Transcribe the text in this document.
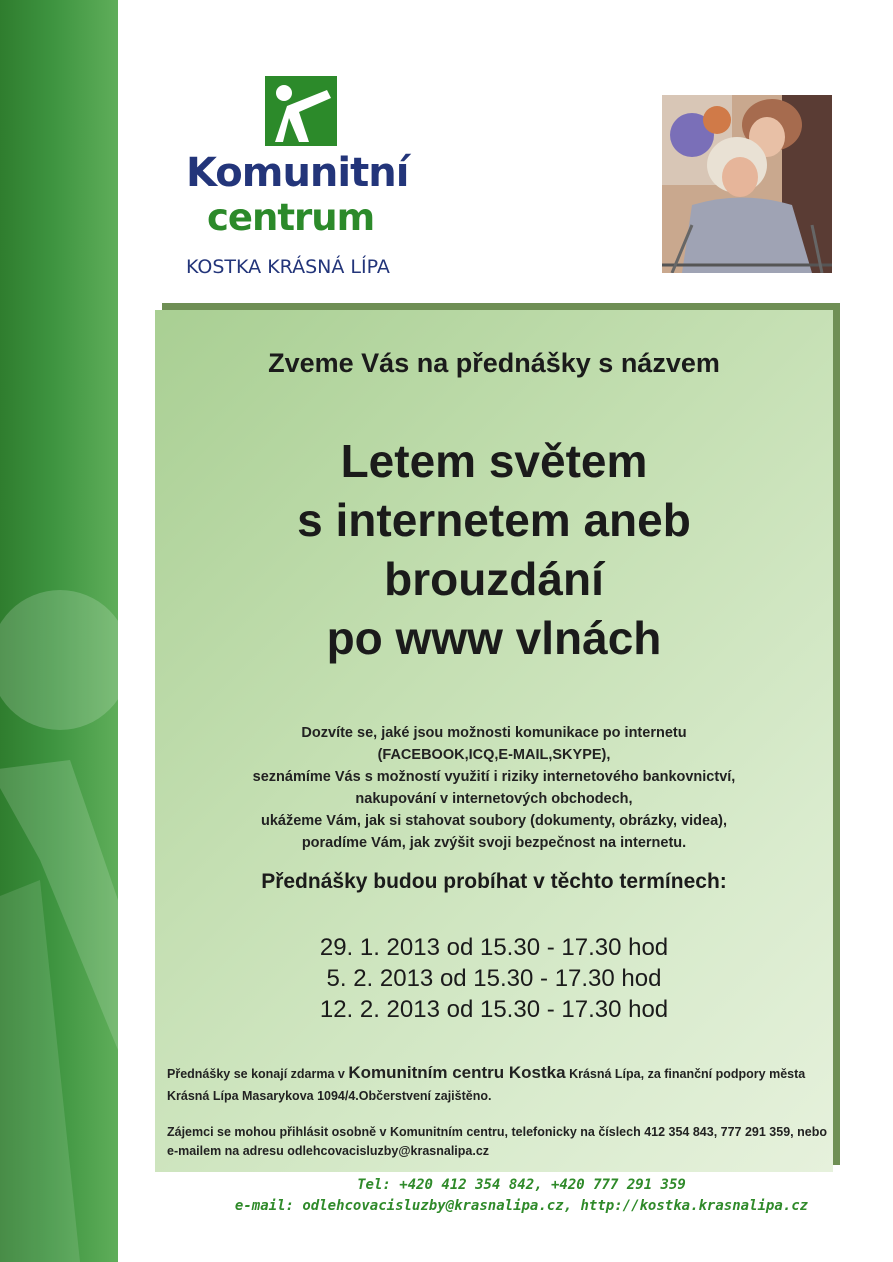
Komunitní
centrum
KOSTKA KRÁSNÁ LÍPA
Zveme Vás na přednášky s názvem
Letem světem
s internetem aneb
brouzdání
po www vlnách
Dozvíte se, jaké jsou možnosti komunikace po internetu
(FACEBOOK,ICQ,E-MAIL,SKYPE),
seznámíme Vás s možností využití i riziky internetového bankovnictví,
nakupování v internetových obchodech,
ukážeme Vám, jak si stahovat soubory (dokumenty, obrázky, videa),
poradíme Vám, jak zvýšit svoji bezpečnost na internetu.
Přednášky budou probíhat v těchto termínech:
29. 1. 2013 od 15.30 - 17.30 hod
5. 2. 2013 od 15.30 - 17.30 hod
12. 2. 2013 od 15.30 - 17.30 hod
Přednášky se konají zdarma v Komunitním centru Kostka Krásná Lípa, za finanční podpory města Krásná Lípa Masarykova 1094/4.Občerstvení zajištěno.
Zájemci se mohou přihlásit osobně v Komunitním centru, telefonicky na číslech 412 354 843, 777 291 359, nebo e-mailem na adresu odlehcovacisluzby@krasnalipa.cz
Tel: +420 412 354 842, +420 777 291 359
e-mail: odlehcovacisluzby@krasnalipa.cz, http://kostka.krasnalipa.cz
